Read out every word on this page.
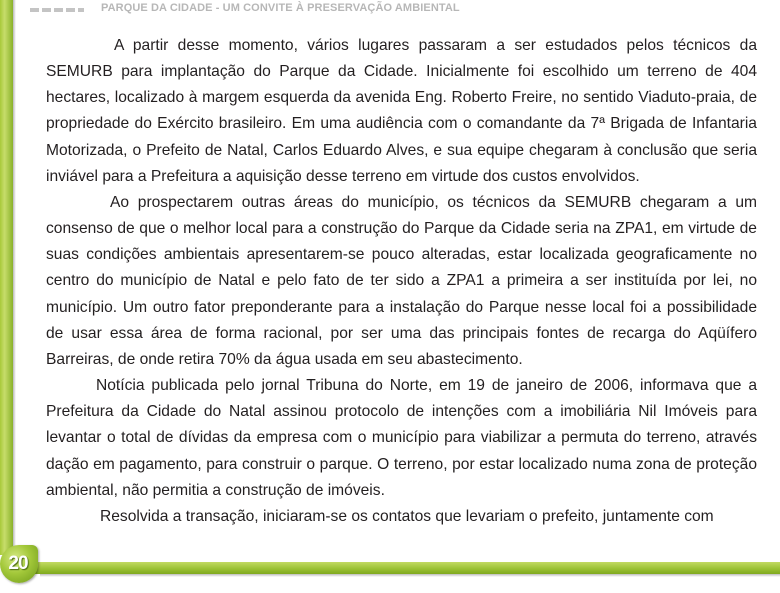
PARQUE DA CIDADE - UM CONVITE À PRESERVAÇÃO AMBIENTAL

A partir desse momento, vários lugares passaram a ser estudados pelos técnicos da SEMURB para implantação do Parque da Cidade. Inicialmente foi escolhido um terreno de 404 hectares, localizado à margem esquerda da avenida Eng. Roberto Freire, no sentido Viaduto-praia, de propriedade do Exército brasileiro. Em uma audiência com o comandante da 7ª Brigada de Infantaria Motorizada, o Prefeito de Natal, Carlos Eduardo Alves, e sua equipe chegaram à conclusão que seria inviável para a Prefeitura a aquisição desse terreno em virtude dos custos envolvidos.

Ao prospectarem outras áreas do município, os técnicos da SEMURB chegaram a um consenso de que o melhor local para a construção do Parque da Cidade seria na ZPA1, em virtude de suas condições ambientais apresentarem-se pouco alteradas, estar localizada geograficamente no centro do município de Natal e pelo fato de ter sido a ZPA1 a primeira a ser instituída por lei, no município. Um outro fator preponderante para a instalação do Parque nesse local foi a possibilidade de usar essa área de forma racional, por ser uma das principais fontes de recarga do Aqüífero Barreiras, de onde retira 70% da água usada em seu abastecimento.

Notícia publicada pelo jornal Tribuna do Norte, em 19 de janeiro de 2006, informava que a Prefeitura da Cidade do Natal assinou protocolo de intenções com a imobiliária Nil Imóveis para levantar o total de dívidas da empresa com o município para viabilizar a permuta do terreno, através dação em pagamento, para construir o parque. O terreno, por estar localizado numa zona de proteção ambiental, não permitia a construção de imóveis.

Resolvida a transação, iniciaram-se os contatos que levariam o prefeito, juntamente com

20
